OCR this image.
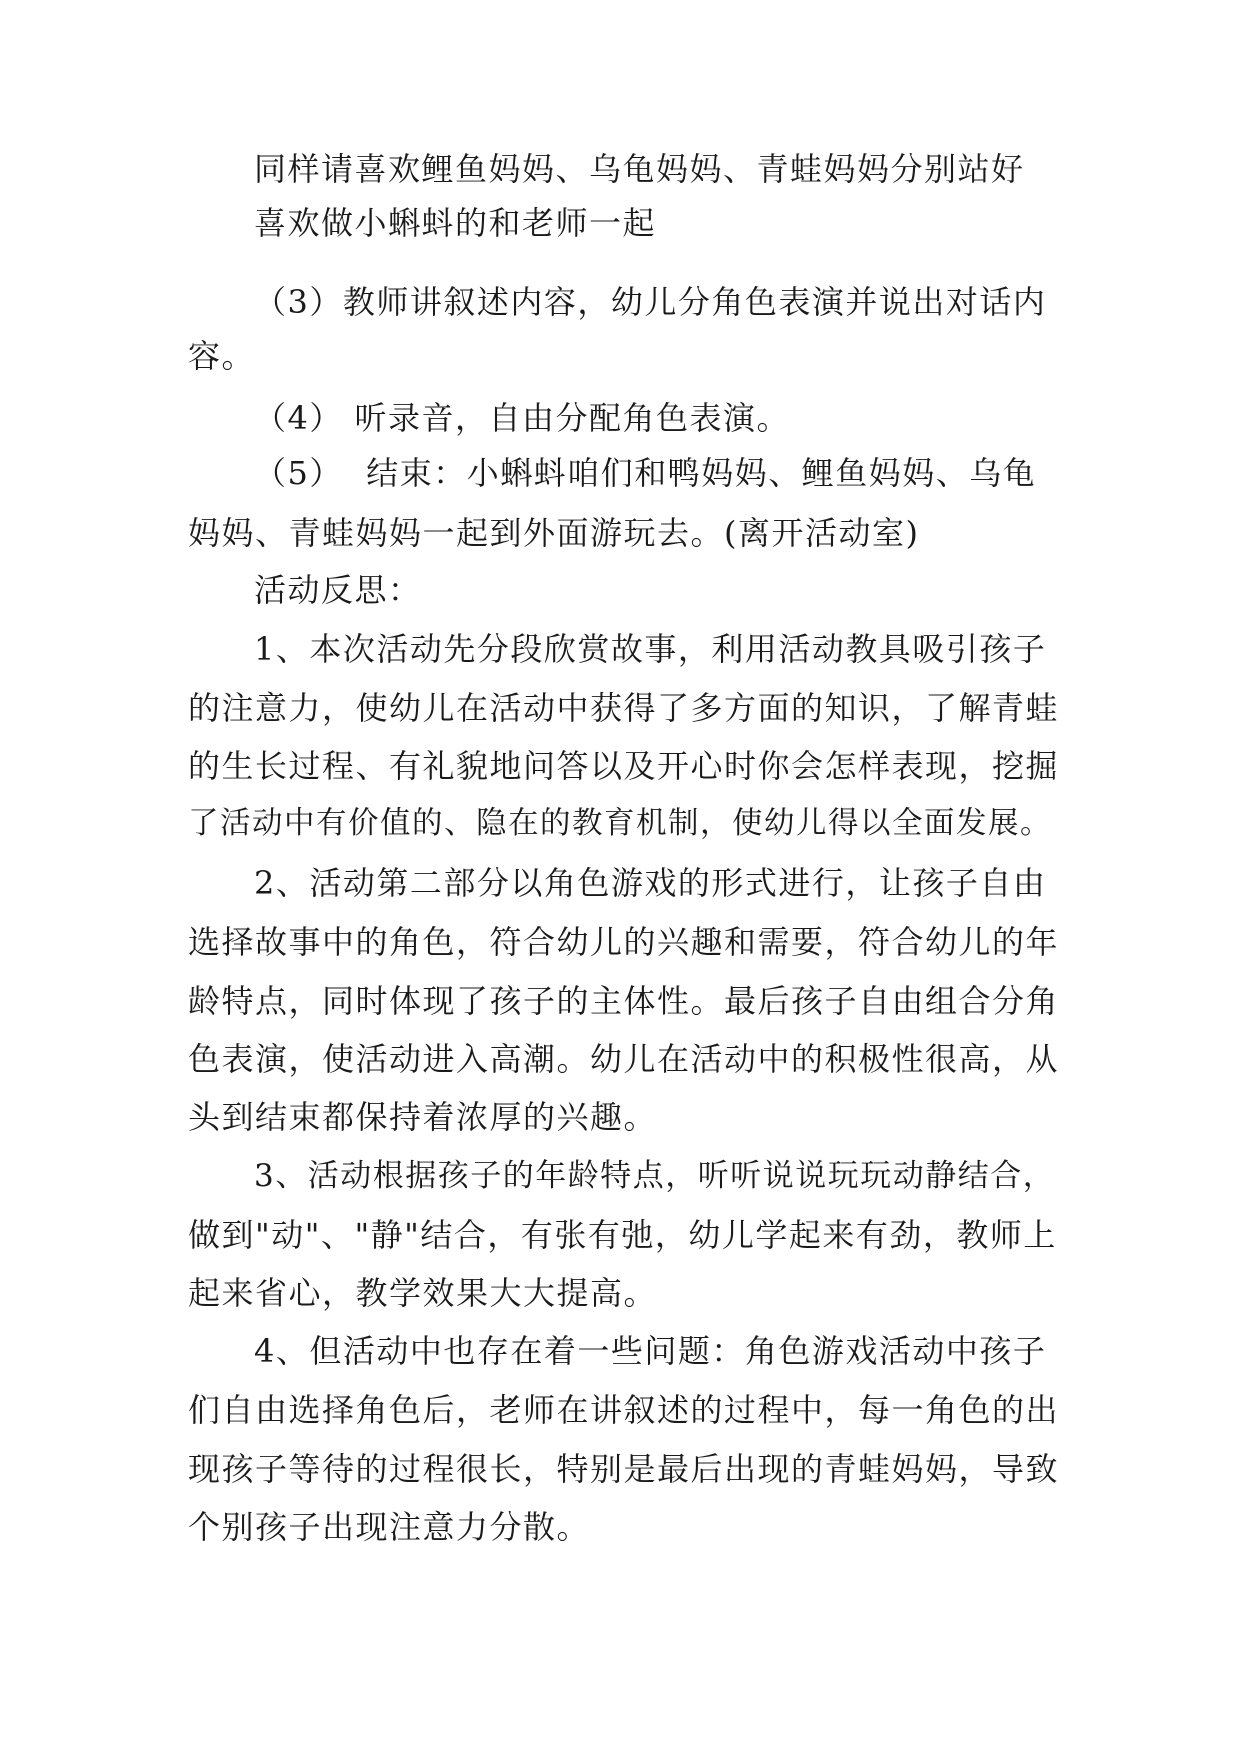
同样请喜欢鲤鱼妈妈、乌龟妈妈、青蛙妈妈分别站好
喜欢做小蝌蚪的和老师一起
（3）教师讲叙述内容，幼儿分角色表演并说出对话内
容。
（4） 听录音，自由分配角色表演。
（5）  结束：小蝌蚪咱们和鸭妈妈、鲤鱼妈妈、乌龟
妈妈、青蛙妈妈一起到外面游玩去。(离开活动室)
活动反思：
1、本次活动先分段欣赏故事，利用活动教具吸引孩子
的注意力，使幼儿在活动中获得了多方面的知识，了解青蛙
的生长过程、有礼貌地问答以及开心时你会怎样表现，挖掘
了活动中有价值的、隐在的教育机制，使幼儿得以全面发展。
2、活动第二部分以角色游戏的形式进行，让孩子自由
选择故事中的角色，符合幼儿的兴趣和需要，符合幼儿的年
龄特点，同时体现了孩子的主体性。最后孩子自由组合分角
色表演，使活动进入高潮。幼儿在活动中的积极性很高，从
头到结束都保持着浓厚的兴趣。
3、活动根据孩子的年龄特点，听听说说玩玩动静结合，
做到"动"、"静"结合，有张有弛，幼儿学起来有劲，教师上
起来省心，教学效果大大提高。
4、但活动中也存在着一些问题：角色游戏活动中孩子
们自由选择角色后，老师在讲叙述的过程中，每一角色的出
现孩子等待的过程很长，特别是最后出现的青蛙妈妈，导致
个别孩子出现注意力分散。
